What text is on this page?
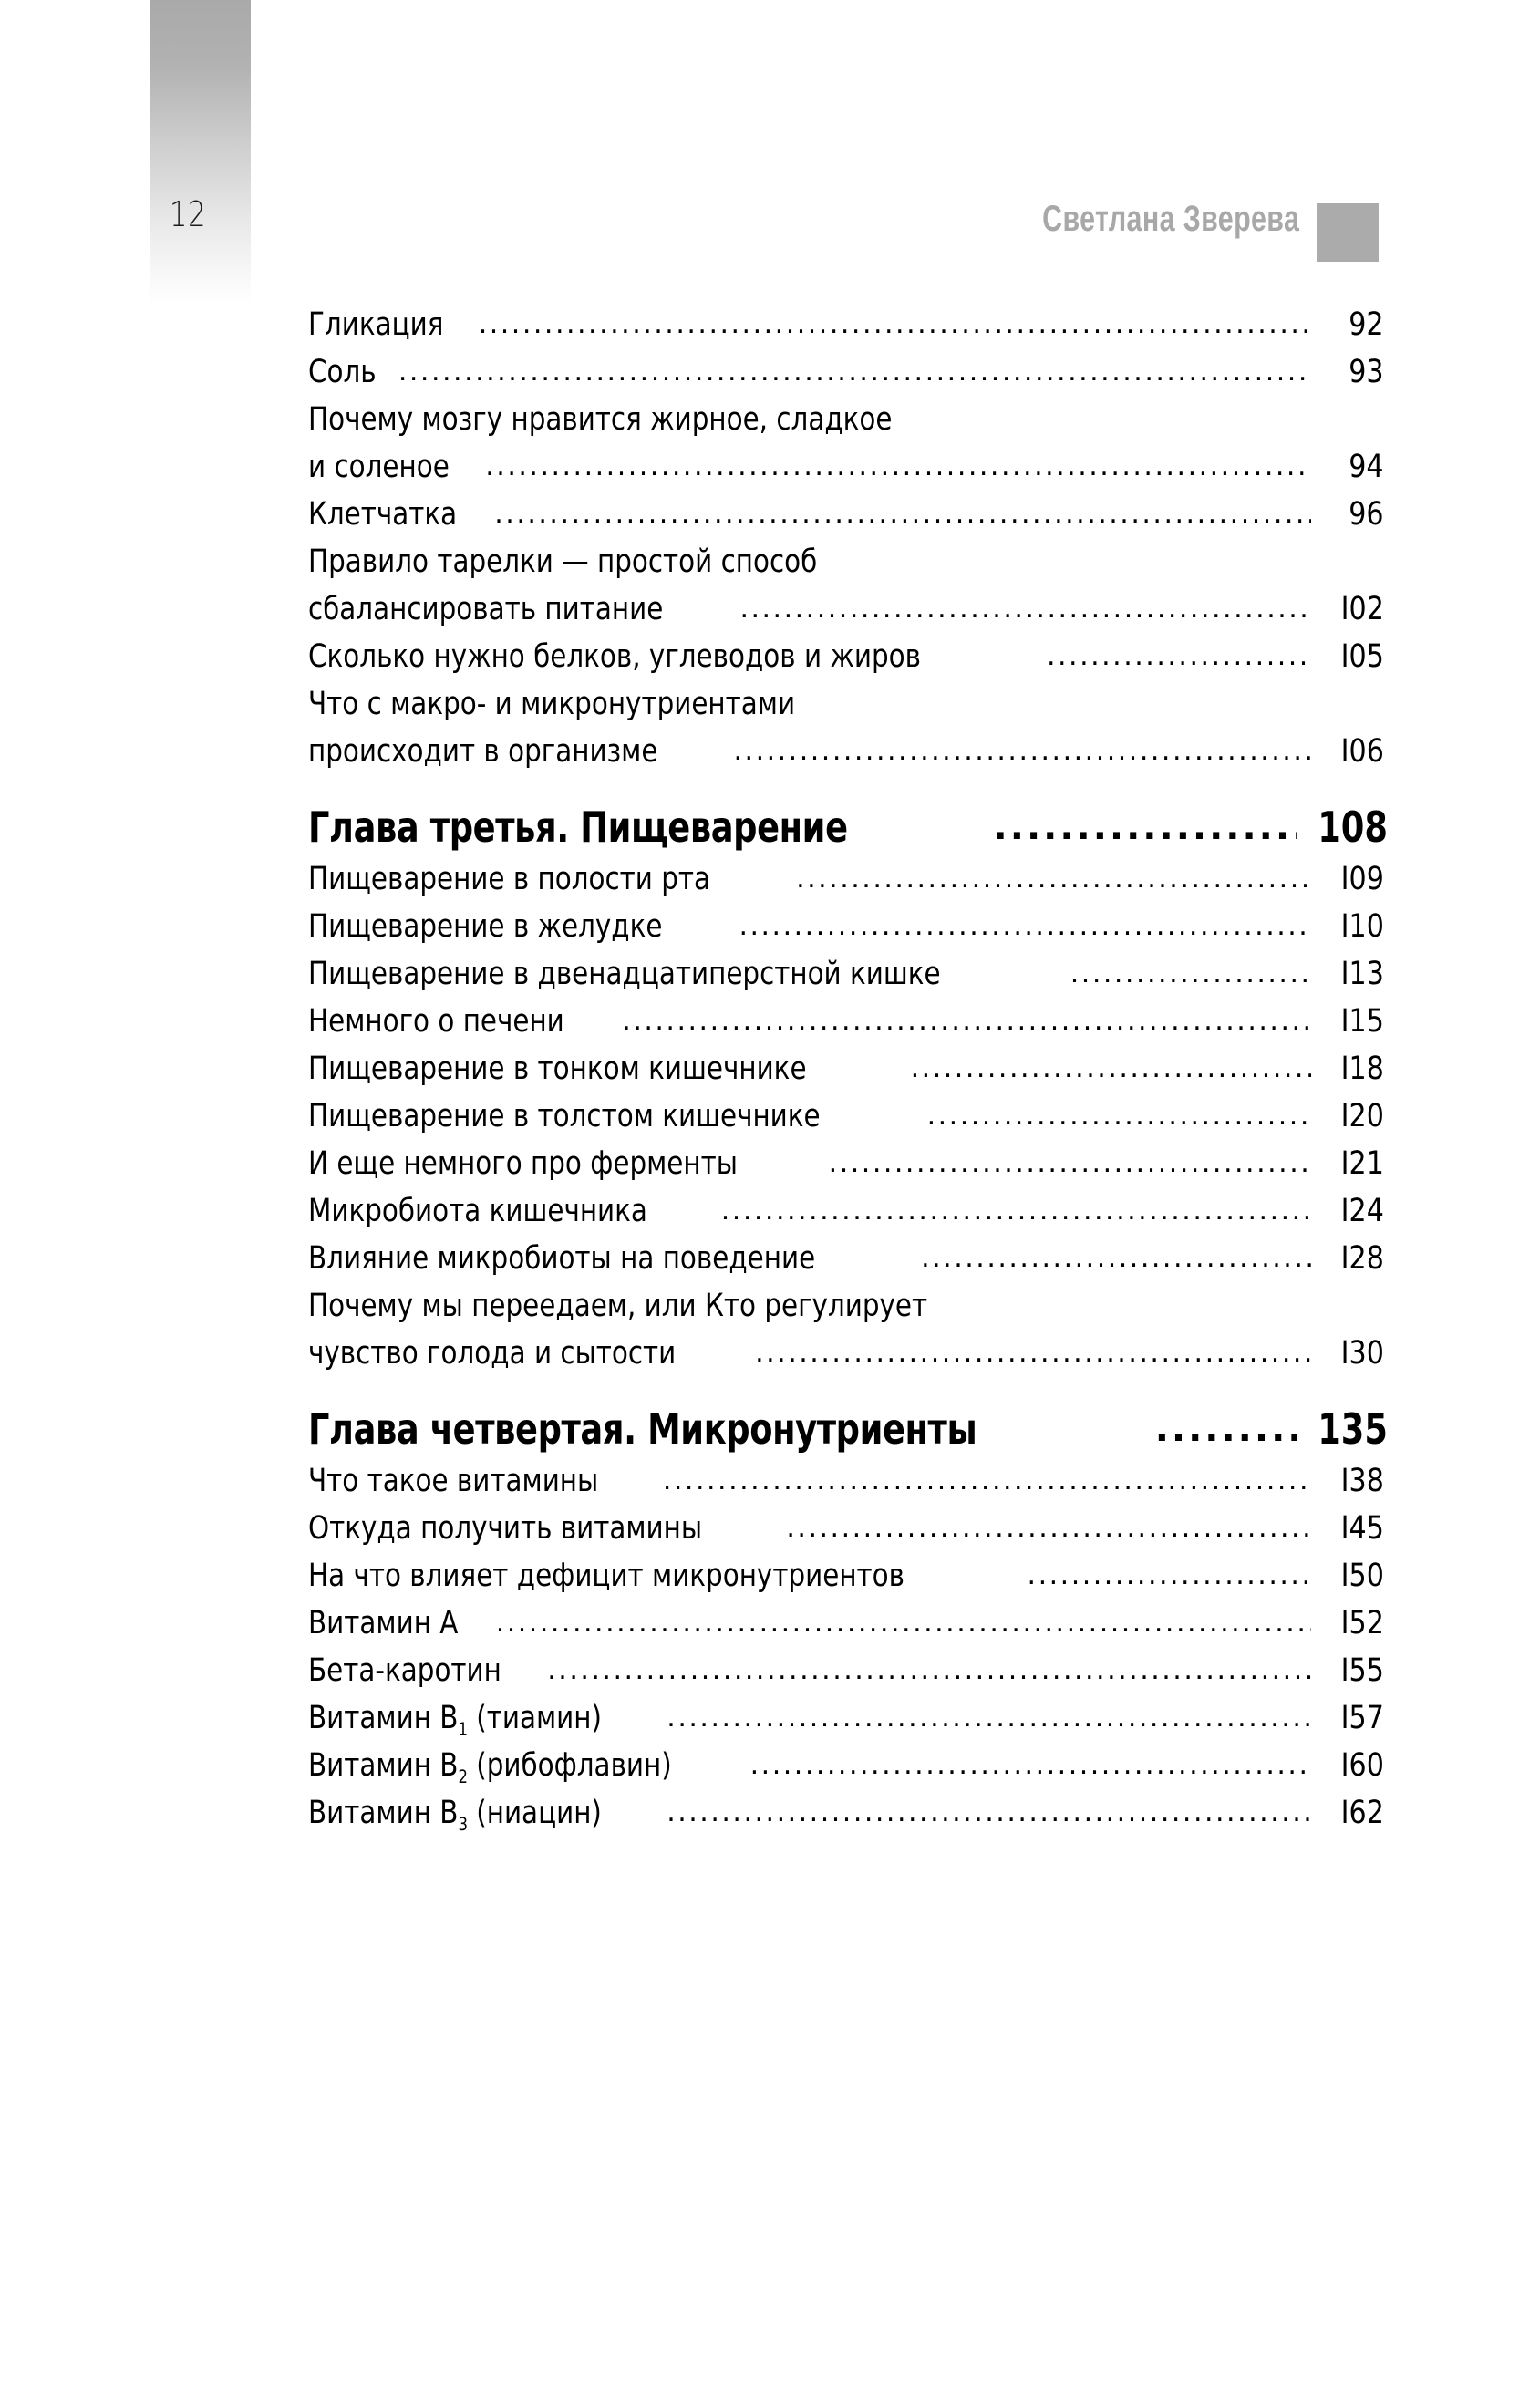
12	Светлана Зверева
Гликация .....	92
Соль .....	93
Почему мозгу нравится жирное, сладкое
и соленое .....	94
Клетчатка .....	96
Правило тарелки — простой способ
сбалансировать питание .....	I02
Сколько нужно белков, углеводов и жиров .....	I05
Что с макро- и микронутриентами
происходит в организме .....	I06
Глава третья. Пищеварение .....	108
Пищеварение в полости рта .....	I09
Пищеварение в желудке .....	I10
Пищеварение в двенадцатиперстной кишке .....	I13
Немного о печени .....	I15
Пищеварение в тонком кишечнике .....	I18
Пищеварение в толстом кишечнике .....	I20
И еще немного про ферменты .....	I21
Микробиота кишечника .....	I24
Влияние микробиоты на поведение .....	I28
Почему мы переедаем, или Кто регулирует
чувство голода и сытости .....	I30
Глава четвертая. Микронутриенты .....	135
Что такое витамины .....	I38
Откуда получить витамины .....	I45
На что влияет дефицит микронутриентов .....	I50
Витамин А .....	I52
Бета-каротин .....	I55
Витамин $B_1$ (тиамин) .....	I57
Витамин $B_2$ (рибофлавин) .....	I60
Витамин $B_3$ (ниацин) .....	I62
